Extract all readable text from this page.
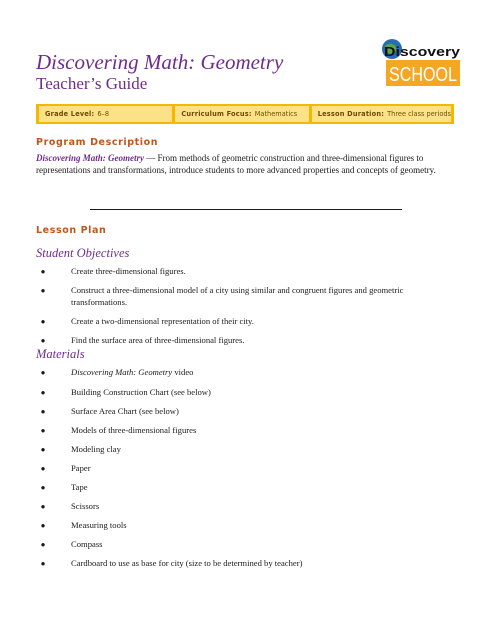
Discovering Math: Geometry
Teacher’s Guide
Discovery
SCHOOL
Grade Level: 6–8	Curriculum Focus: Mathematics	Lesson Duration: Three class periods
Program Description

Discovering Math: Geometry — From methods of geometric construction and three-dimensional figures to representations and transformations, introduce students to more advanced properties and concepts of geometry.

Lesson Plan
Student Objectives
●	Create three-dimensional figures.
●	Construct a three-dimensional model of a city using similar and congruent figures and geometric transformations.
●	Create a two-dimensional representation of their city.
●	Find the surface area of three-dimensional figures.
Materials
●	Discovering Math: Geometry video
●	Building Construction Chart (see below)
●	Surface Area Chart (see below)
●	Models of three-dimensional figures
●	Modeling clay
●	Paper
●	Tape
●	Scissors
●	Measuring tools
●	Compass
●	Cardboard to use as base for city (size to be determined by teacher)
